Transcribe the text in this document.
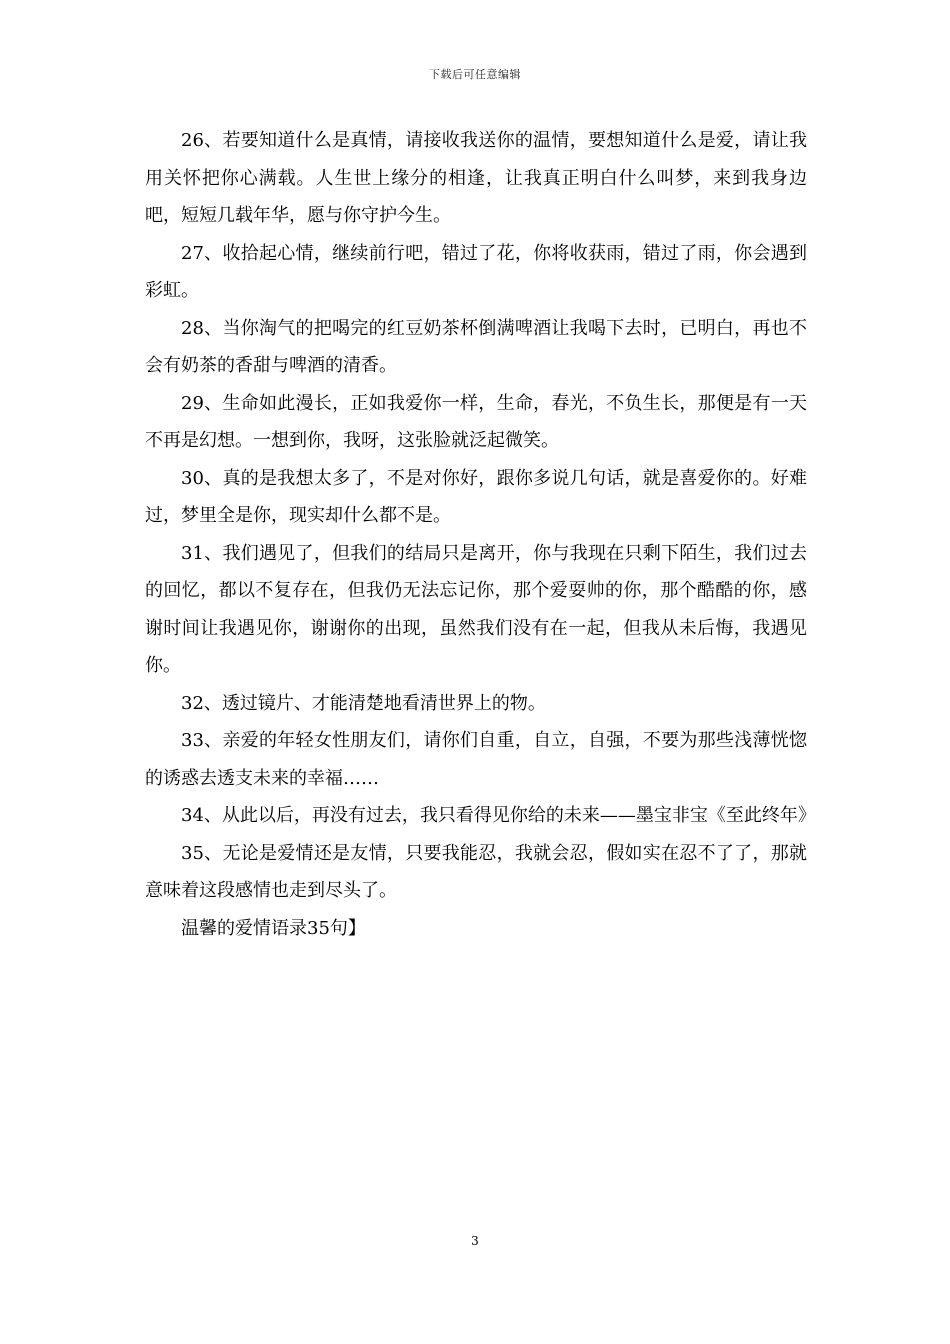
下载后可任意编辑

26、若要知道什么是真情，请接收我送你的温情，要想知道什么是爱，请让我用关怀把你心满载。人生世上缘分的相逢，让我真正明白什么叫梦，来到我身边吧，短短几载年华，愿与你守护今生。

27、收拾起心情，继续前行吧，错过了花，你将收获雨，错过了雨，你会遇到彩虹。

28、当你淘气的把喝完的红豆奶茶杯倒满啤酒让我喝下去时，已明白，再也不会有奶茶的香甜与啤酒的清香。

29、生命如此漫长，正如我爱你一样，生命，春光，不负生长，那便是有一天不再是幻想。一想到你，我呀，这张脸就泛起微笑。

30、真的是我想太多了，不是对你好，跟你多说几句话，就是喜爱你的。好难过，梦里全是你，现实却什么都不是。

31、我们遇见了，但我们的结局只是离开，你与我现在只剩下陌生，我们过去的回忆，都以不复存在，但我仍无法忘记你，那个爱耍帅的你，那个酷酷的你，感谢时间让我遇见你，谢谢你的出现，虽然我们没有在一起，但我从未后悔，我遇见你。

32、透过镜片、才能清楚地看清世界上的物。

33、亲爱的年轻女性朋友们，请你们自重，自立，自强，不要为那些浅薄恍惚的诱惑去透支未来的幸福……

34、从此以后，再没有过去，我只看得见你给的未来——墨宝非宝《至此终年》

35、无论是爱情还是友情，只要我能忍，我就会忍，假如实在忍不了了，那就意味着这段感情也走到尽头了。

温馨的爱情语录35句】

3
